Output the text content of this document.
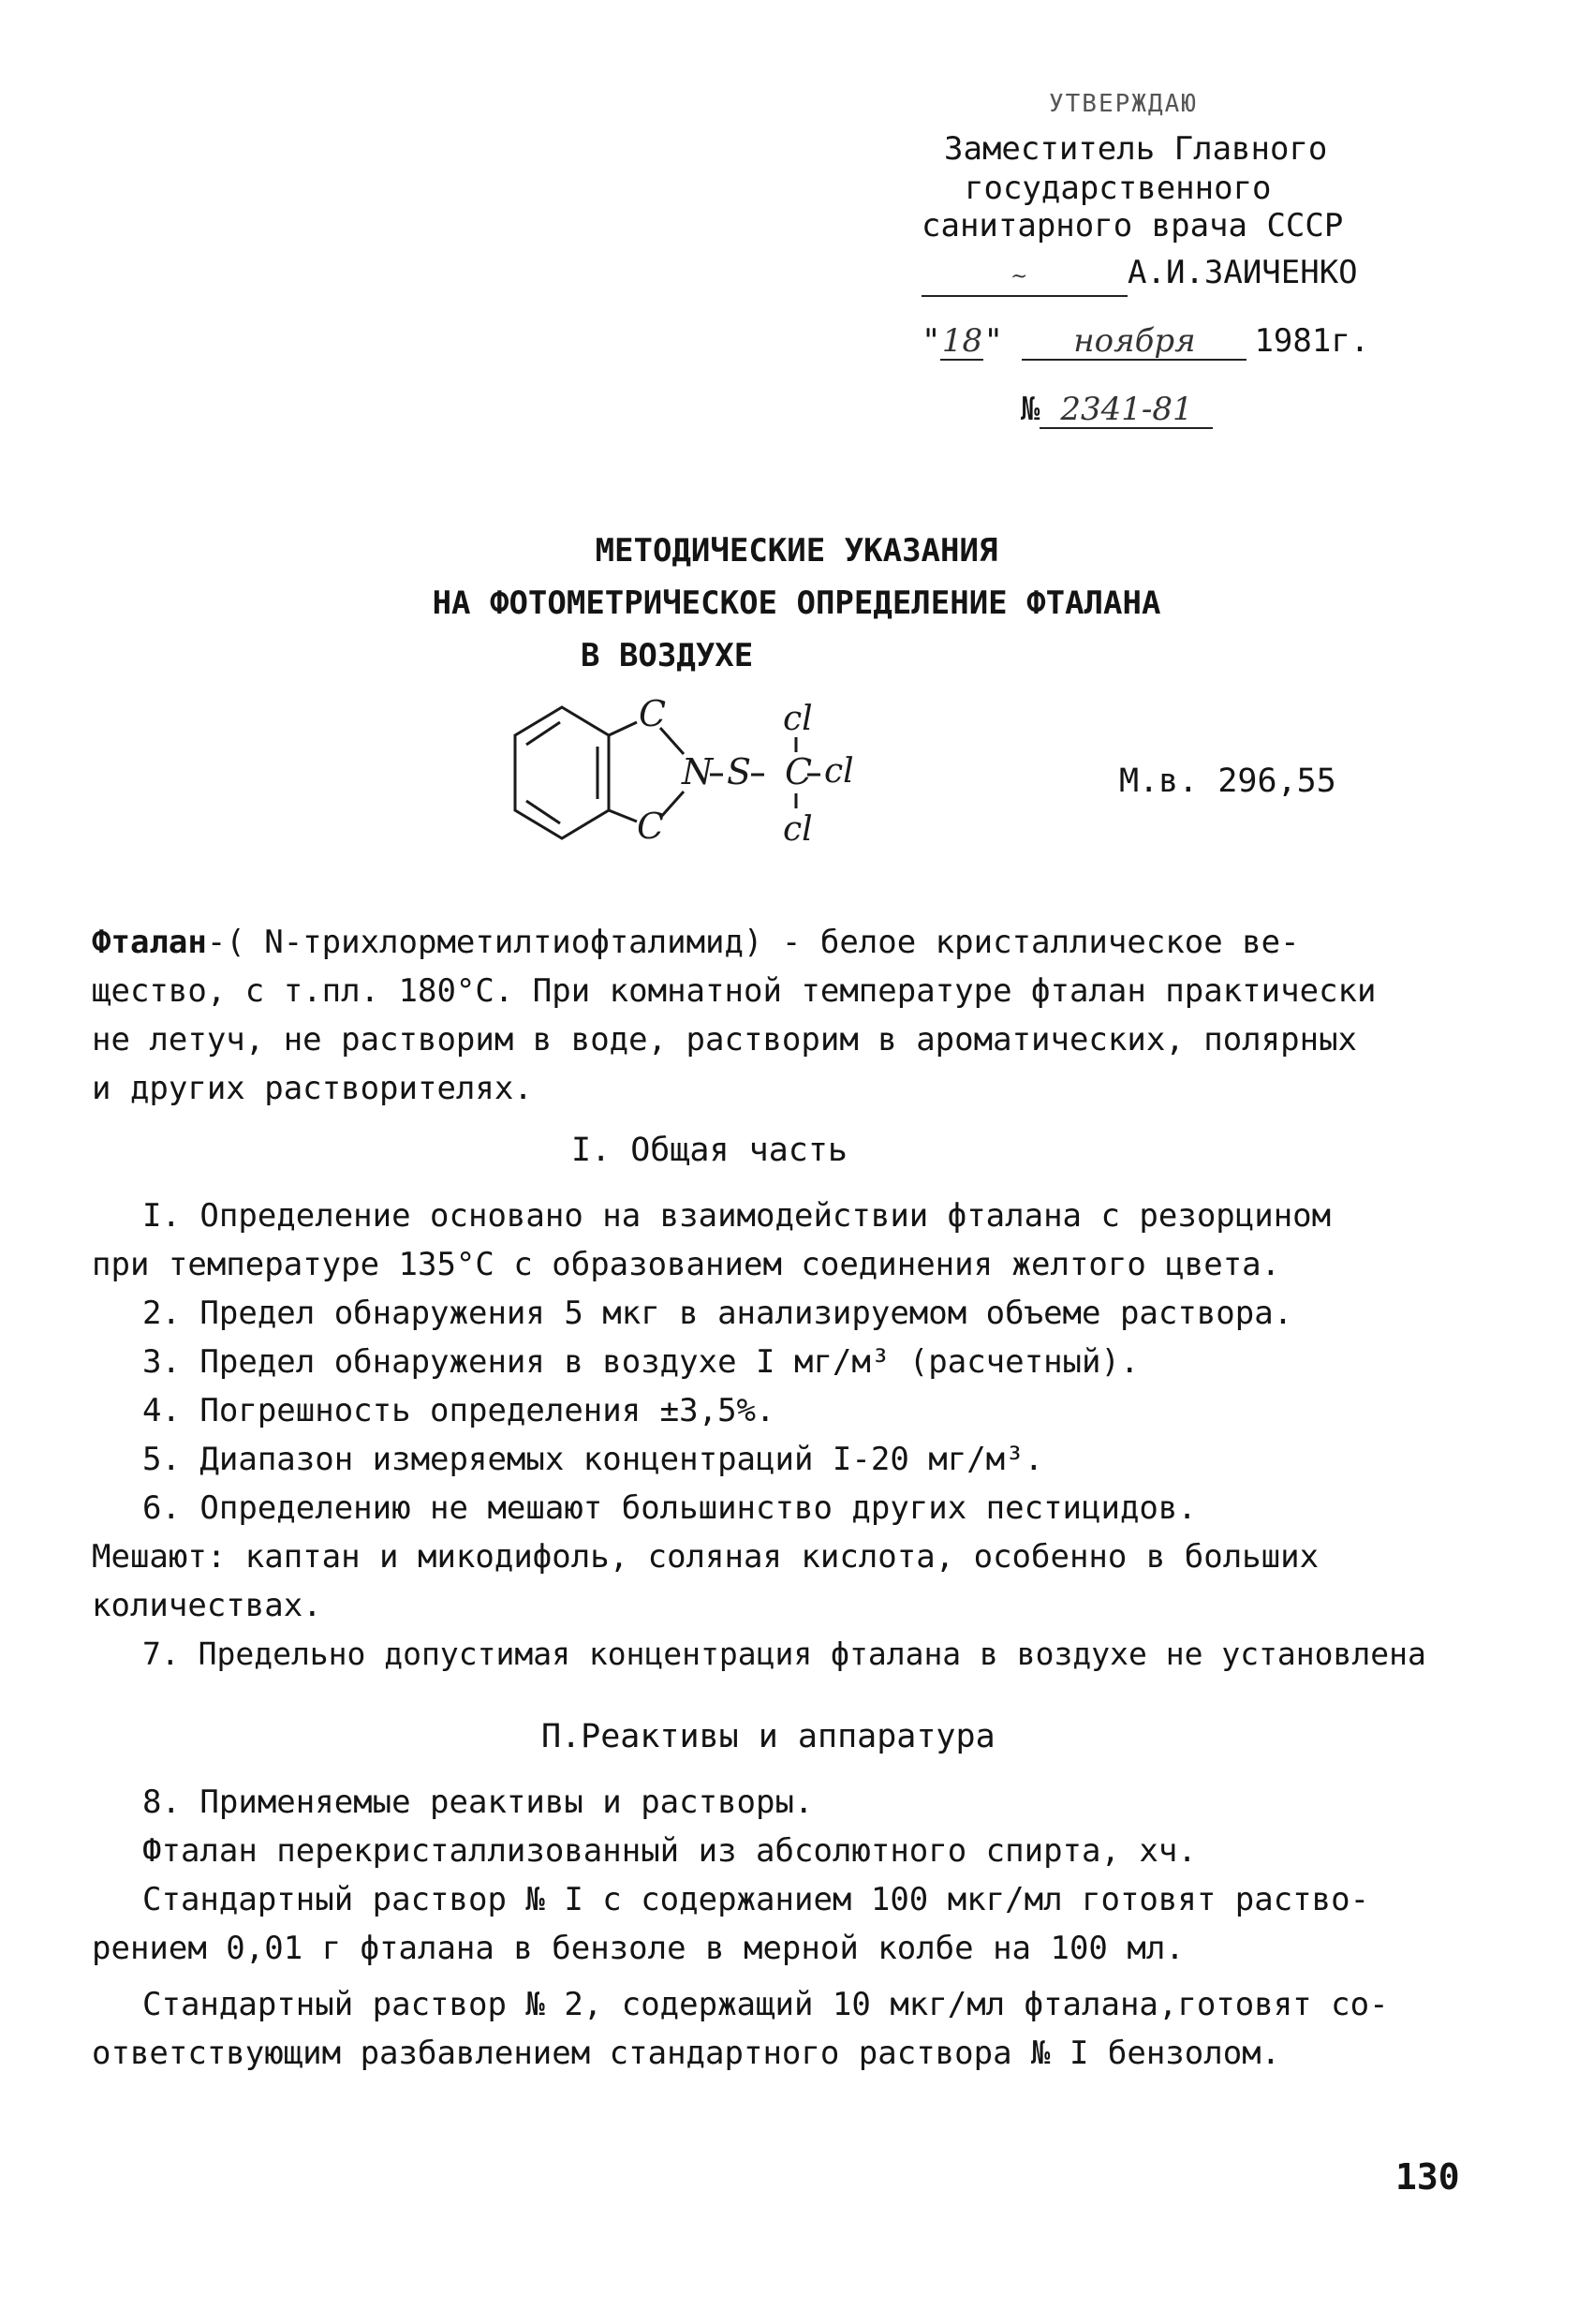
УТВЕРЖДАЮ
Заместитель Главного
государственного
санитарного врача СССР
~	А.И.ЗАИЧЕНКО
"18" ноября 1981г.
№ 2341-81
МЕТОДИЧЕСКИЕ УКАЗАНИЯ
НА ФОТОМЕТРИЧЕСКОЕ ОПРЕДЕЛЕНИЕ ФТАЛАНА
В ВОЗДУХЕ
C
C
N S C
cl
cl
cl
М.в. 296,55
Фталан-( N-трихлорметилтиофталимид) - белое кристаллическое ве-
щество, с т.пл. 180°С. При комнатной температуре фталан практически
не летуч, не растворим в воде, растворим в ароматических, полярных
и других растворителях.
I. Общая часть
I. Определение основано на взаимодействии фталана с резорцином
при температуре 135°С с образованием соединения желтого цвета.
2. Предел обнаружения 5 мкг в анализируемом объеме раствора.
3. Предел обнаружения в воздухе I мг/м³ (расчетный).
4. Погрешность определения ±3,5%.
5. Диапазон измеряемых концентраций I-20 мг/м³.
6. Определению не мешают большинство других пестицидов.
Мешают: каптан и микодифоль, соляная кислота, особенно в больших
количествах.
7. Предельно допустимая концентрация фталана в воздухе не установлена
П.Реактивы и аппаратура
8. Применяемые реактивы и растворы.
Фталан перекристаллизованный из абсолютного спирта, хч.
Стандартный раствор № I с содержанием 100 мкг/мл готовят раство-
рением 0,01 г фталана в бензоле в мерной колбе на 100 мл.
Стандартный раствор № 2, содержащий 10 мкг/мл фталана,готовят со-
ответствующим разбавлением стандартного раствора № I бензолом.
130
